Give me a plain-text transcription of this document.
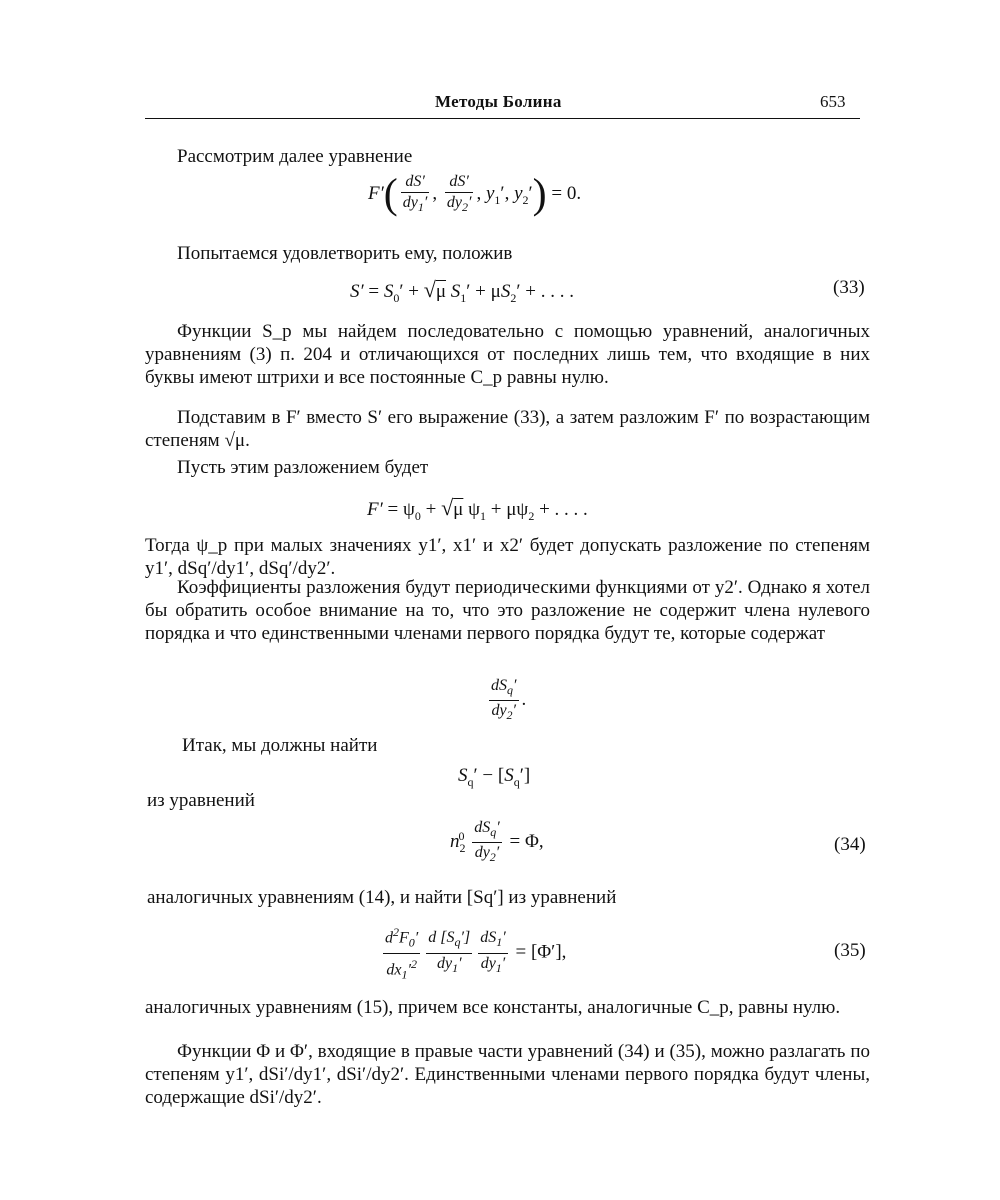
Методы Болина	653
Рассмотрим далее уравнение
$F'( \frac{dS'}{dy_1'}$ , $\frac{dS'}{dy_2'}$ , $y_1'$, $y_2') = 0$.
Попытаемся удовлетворить ему, положив
$S' = S_0' + √\mu$ $S_1' + \mu S_2'$ + . . . .	(33)
Функции S_p мы найдем последовательно с помощью уравнений, аналогичных уравнениям (3) п. 204 и отличающихся от последних лишь тем, что входящие в них буквы имеют штрихи и все постоянные C_p равны нулю.
Подставим в F′ вместо S′ его выражение (33), а затем разложим F′ по возрастающим степеням √μ.
Пусть этим разложением будет
$F' = \psi_0 + √\mu$ $\psi_1 + \mu\psi_2$ + . . . .
Тогда ψ_p при малых значениях y1′, x1′ и x2′ будет допускать разложение по степеням y1′, dSq′/dy1′, dSq′/dy2′.
Коэффициенты разложения будут периодическими функциями от y2′. Однако я хотел бы обратить особое внимание на то, что это разложение не содержит члена нулевого порядка и что единственными членами первого порядка будут те, которые содержат
$\frac{dS_q'}{dy_2'}$ .
Итак, мы должны найти
$S_q' - [S_q']$
из уравнений
$n_2^0 \frac{dS_q'}{dy_2'} = \Phi$,	(34)
аналогичных уравнениям (14), и найти [Sq′] из уравнений
$\frac{d^2F_0'}{dx_1'^2} \frac{d [S_q']}{dy_1'} \frac{dS_1'}{dy_1'} = [\Phi']$,	(35)
аналогичных уравнениям (15), причем все константы, аналогичные C_p, равны нулю.
Функции Φ и Φ′, входящие в правые части уравнений (34) и (35), можно разлагать по степеням y1′, dSi′/dy1′, dSi′/dy2′. Единственными членами первого порядка будут члены, содержащие dSi′/dy2′.
